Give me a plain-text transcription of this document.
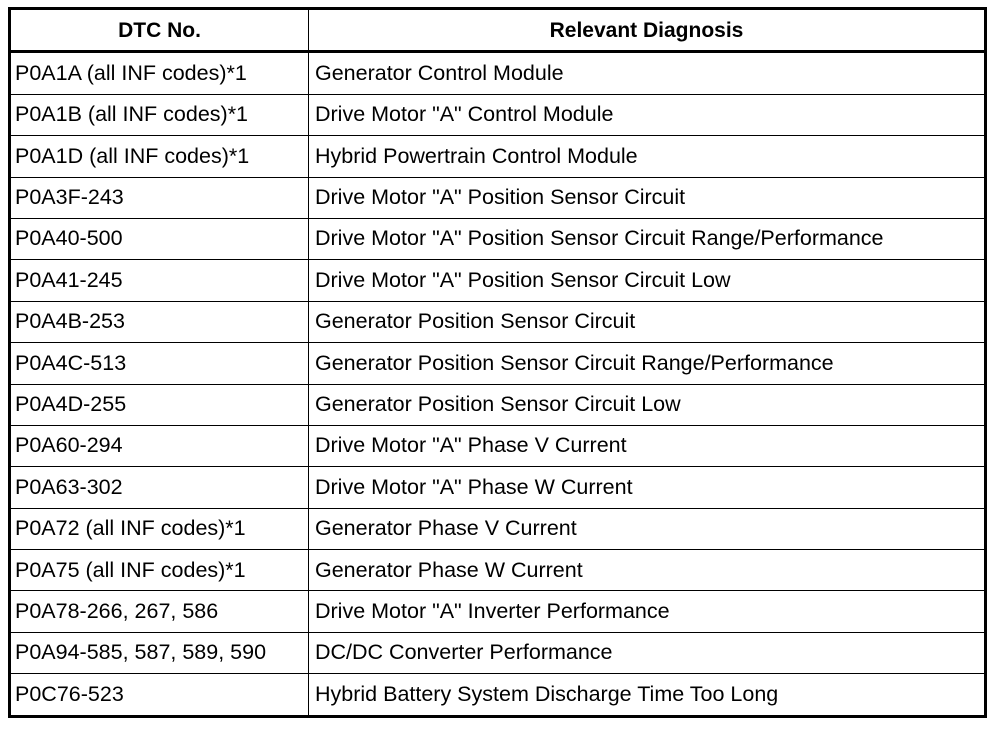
DTC No.	Relevant Diagnosis
P0A1A (all INF codes)*1	Generator Control Module
P0A1B (all INF codes)*1	Drive Motor "A" Control Module
P0A1D (all INF codes)*1	Hybrid Powertrain Control Module
P0A3F-243	Drive Motor "A" Position Sensor Circuit
P0A40-500	Drive Motor "A" Position Sensor Circuit Range/Performance
P0A41-245	Drive Motor "A" Position Sensor Circuit Low
P0A4B-253	Generator Position Sensor Circuit
P0A4C-513	Generator Position Sensor Circuit Range/Performance
P0A4D-255	Generator Position Sensor Circuit Low
P0A60-294	Drive Motor "A" Phase V Current
P0A63-302	Drive Motor "A" Phase W Current
P0A72 (all INF codes)*1	Generator Phase V Current
P0A75 (all INF codes)*1	Generator Phase W Current
P0A78-266, 267, 586	Drive Motor "A" Inverter Performance
P0A94-585, 587, 589, 590	DC/DC Converter Performance
P0C76-523	Hybrid Battery System Discharge Time Too Long
